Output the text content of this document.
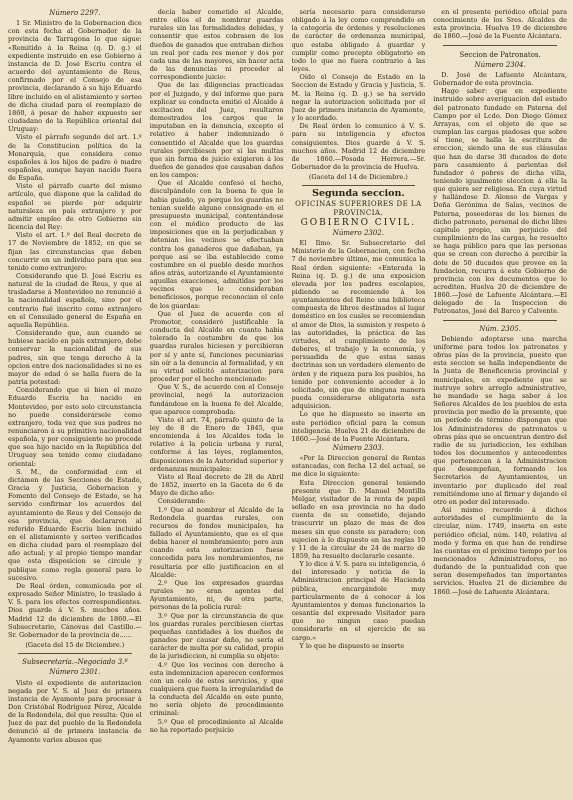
Número 2297.

1 Sr. Ministro de la Gobernacion dice con esta fecha al Gobernador de la provincia de Tarragona lo que sigue: «Remitido á la Reina (q. D. g.) el expediente instruido en ese Gobierno á instancia de D. José Escriu contra el acuerdo del ayuntamiento de Reus, confirmado por el Consejo de esa provincia, declarando á su hijo Eduardo libre incluido en el alistamiento y sorteo de dicha ciudad para el reemplazo de 1860, á pesar de haber expuesto ser ciudadano de la República oriental del Uruguay:

Visto el párrafo segundo del art. 1.º de la Constitucion política de la Monarquía, que considera como españoles á los hijos de padre ó madre españoles, aunque hayan nacido fuera de España.

Visto el párrafo cuarto del mismo artículo, que dispone que la calidad de español se pierde por adquirir naturaleza en país extranjero y por admitir empleo de otro Gobierno sin licencia del Rey:

Visto el art. 1.º del Real decreto de 17 de Noviembre de 1852, en que se fijan las circunstancias que deben concurrir en un individuo para que sea tenido como extranjero:

Considerando que D. José Escriu es natural de la ciudad de Reus, y que al trasladarse á Montevideo no renunció á la nacionalidad española, sino por el contrario fué inscrito como extranjero en el Consulado general de España en aquella República.

Considerando que, aun cuando se hubiese nacido en país extranjero, debe conservar la nacionalidad de sus padres, sin que tenga derecho á la opcion entre dos nacionalidades si no es mayor de edad ó se halla fuera de la patria potestad:

Considerando que si bien el mozo Eduardo Escriu ha nacido en Montevideo, por esto solo circunstancia no puede considerársele como extranjero, toda vez que sus padres no renunciaron á su primitiva nacionalidad española, y por consiguiente no procede que sea hijo nacido en la República del Uruguay sea tenido como ciudadano oriental:

S. M., de conformidad con el dictámen de las Secciones de Estado, Gracia y Justicia, Gobernacion y Fomento del Consejo de Estado, se ha servido confirmar los acuerdos del ayuntamiento de Reus y del Consejo de esa provincia, que declararon al referido Eduardo Escriu bien incluido en el alistamiento y sorteo verificados en dicha ciudad para el reemplazo del año actual; y al propio tiempo mandar que esta disposicion se circule y publique como regla general para lo sucesivo.

De Real órden, comunicada por el expresado Señor Ministro, lo traslado á V. S. para los efectos correspondientes. Dios guarde á V. S. muchos años. Madrid 12 de diciembre de 1860.—El Subsecretario, Cánovas del Castillo.—Sr. Gobernador de la provincia de......

(Gaceta del 15 de Diciembre.)
Subsecretaría.–Negociado 3.º
Número 2301.

Visto el expediente de autorizacion negada por V. S. al Juez de primera instancia de Ayamonte para procesar á Don Cristóbal Rodríguez Pérez, Alcalde de la Redondela, del que resulta: Que el Juez de paz del pueblo de la Redondela denunció al de primera instancia de Ayamonte varios abusos que

decia haber cometido el Alcalde, entre ellos el de nombrar guardas rurales sin las formalidades debidas, y consentir que estos cobrasen de los dueños de ganados que entraban dichos un real por cada res menor y dos por cada una de las mayores, sin hacer acta de las denuncias ni proceder al correspondiente juicio:

Que de las diligencias practicadas por el Juzgado, y del informe que para explicar su conducta emitió el Alcalde á excitacion del Juez, resultaron demostrados los cargos que le imputaban en la denuncia, excepto el relativo á haber indemnizado ó consentido el Alcalde que los guardas rurales percibiesen por sí las multas que sin forma de juicio exigieron á los dueños de ganados que causaban daños en los campos:

Que el Alcalde confesó el hecho, disculpándolo con la buena fe que le habia guiado, ya porque los guardas no tenian sueldo alguno consignado en el presupuesto municipal, contentándose con el módico producto de las imposiciones que en la perjudicaban y detenian los vecinos se efectuaban contra los ganaderos que dañaban, ya porque así se iba establecido como costumbre en el pueblo desde muchos años atrás, autorizando el Ayuntamiento aquellas exacciones, admitidas por los vecinos que lo consideraban beneficiosos, porque reconocian el celo de los guardas:

Que el Juez de acuerdo con el Promotor, consideró justificable la conducta del Alcalde en cuanto habia tolerado la costumbre de que los guardas rurales hiciesen y percibieran por sí y ante sí, funciones pecuniarias sin oír a la denuncia al formalidad, y en su virtud solicitó autorizacion para proceder por el hecho mencionado:

Que V. S., de acuerdo con el Consejo provincial, negó la autorizacion fundándose en la buena fe del Alcalde, que aparece comprobada:

Visto el art. 74, párrafo quinto de la ley de 8 de Enero de 1845, que encomienda á los Alcaldes toda lo relativo á la policía urbana y rural, conforme á las leyes, reglamentos, disposiciones de la Autoridad superior y ordenanzas municipales:

Visto el Real decreto de 28 de Abril de 1852, inserto en la Gaceta de 6 de Mayo de dicho año:

Considerando:

1.º Que al nombrar el Alcalde de la Redondela guardas rurales, con recursos de fondos municipales, ha fallado el Ayuntamiento, que es el que debia hacer el nombramiento; pero aun cuando esta autorizacion fuese concedida para los nombramientos, no resultaria por ello justificacion en el Alcalde:

2.º Que los expresados guardas rurales no eran agentes del Ayuntamiento, ni, de otra parte, personas de la policía rural:

3.º Que por la circunstancia de que los guardas rurales percibiesen ciertas pequeñas cantidades á los dueños de ganados por causar daño, no sería el carácter de multa por su calidad, propio de la jurisdiccion, ni cumplia su objeto:

4.º Que los vecinos con derecho á esta indemnizacion aparecen conformes con un celo de estos servicios, y que cualquiera que fuera la irregularidad de la conducta del Alcalde en este punto, no sería objeto de procedimiento criminal:

5.º Que el procedimiento al Alcalde no ha reportado perjuicio

sería necesario para considerarse obligado á la ley como comprendido en la categoría de órdenes y resoluciones de carácter de ordenanza municipal, que estaba obligado á guardar y cumplir como precepto obligatorio en todo lo que no fuera contrario á las leyes.

Oído el Consejo de Estado en la Seccion de Estado y Gracia y Justicia, S. M. la Reina (q. D. g.) se ha servido negar la autorizacion solicitada por el Juez de primera instancia de Ayamonte, y lo acordado.

De Real órden lo comunico á V. S. para su inteligencia y efectos consiguientes. Dios guarde á V. S. muchos años. Madrid 12 de diciembre de 1860.—Posada Herrera.—Sr. Gobernador de la provincia de Huelva.

(Gaceta del 14 de Diciembre.)
Segunda seccion.
OFICINAS SUPERIORES DE LA PROVINCIA.
GOBIERNO CIVIL.
Número 2302.

El Ilmo. Sr. Subsecretario del Ministerio de la Gobernacion, con fecha 7 de noviembre último, me comunica la Real órden siguiente: «Enterada la Reina (q. D. g.) de una exposicion elevada por los padres escolapios, pidiendo se recomiende á los ayuntamientos del Reino una biblioteca compuesta de libros destinados al lugar doméstico en los cuales se recomiendan el amor de Dios, la sumision y respeto á las autoridades, la práctica de las virtudes, el cumplimiento de los deberes, el trabajo y la economía, y persuadida de que estas sanas doctrinas son un verdadero elemento de órden y de riqueza para los pueblos, ha tenido por conveniente acceder á lo solicitado, sin que de ninguna manera pueda considerarse obligatoria esta adquisicion.

Lo que he dispuesto se inserte en este periódico oficial para la comun inteligencia. Huelva 21 de diciembre de 1860.—José de la Fuente Alcántara.

Número 2303.

«Por la Direccion general de Rentas estancadas, con fecha 12 del actual, se me dice lo siguiente:

Esta Direccion general teniendo presente que D. Manuel Montilla Melgar, visitador de la renta de papel sellado en esa provincia no ha dado cuenta de su cometido, dejando trascurrir un plazo de mas de dos meses sin que conste su paradero; con sujecion á lo dispuesto en las reglas 10 y 11 de la circular de 24 de marzo de 1859, ha resuelto declararle cesante.

Y lo dice á V. S. para su inteligencia, ó del interesado y noticia de la Administracion principal de Hacienda pública, encargándole muy particularmente de á conocer á los Ayuntamientos y demas funcionarios la cesantía del expresado Visitador para que no ningun caso puedan considerarle en el ejercicio de su cargo.»

Y lo que he dispuesto se inserte

en el presente periódico oficial para conocimiento de los Sres. Alcaldes de esta provincia. Huelva 19 de diciembre de 1860.—José de la Fuente Alcántara.

Seccion de Patronatos.
Número 2304.

D. José de Lafuente Alcántara, Gobernador de esta provincia.

Hago saber: que en expediente instruido sobre averiguacion del estado del patronato fundado en Paterna del Campo por el Lcdo. Don Diego Gómez Arrayas, con el objeto de que se cumplan las cargas piadosas que sobre sí tiene, se halla la escritura de ereccion, siendo una de sus cláusulas que han de darse 30 ducados de dote para casamiento á parientas del fundador ó pobres de dicha villa, teniendo igualmente eleccion á ella la que quiere ser religiosa. En cuya virtud y hallándose D. Alonso de Vargas y Doña Gerónima de Salas, vecinos de Paterna, poseedoras de los bienes de dicho patronato, personal de dicho libre capitulo propio, sin perjuicio del cumplimiento de las cargas, he resuelto se haga público para que las personas que se crean con derecho á percibir la dote de 50 ducados que provee en la fundacion, recurra á este Gobierno de provincia con los documentos que lo acrediten. Huelva 20 de diciembre de 1860.—José de Lafuente Alcántara.—El delegado de la Inspeccion de Patronatos, José del Barco y Calvente.

Núm. 2305.

Debiendo adoptarse una marcha uniforme para todos los patronatos y obras pías de la provincia, puesto que esta seccion se halla independiente de la Junta de Beneficencia provincial y municipales, en expediente que se instruye sobre arreglo administrativo, he mandado se haga saber á los Señores Alcaldes de los pueblos de esta provincia por medio de la presente, que un período de término dispongan que los Administradores de patronatos u obras pías que se encuentran dentro del radio de su jurisdiccion, les exhiban todos los documentos y antecedentes que pertenezcan á la Administracion que desempeñan, formando los Secretarios de Ayuntamientos, un inventario por duplicado del real remitiéndome uno al firmar y dejando el otro en poder del interesado.

Así mismo recuerdo á dichos autoridades el cumplimiento de la circular, núm. 1749, inserta en este periódico oficial, núm. 140, relativa al modo y forma en que han de rendirse las cuentas en el próximo tiempo por los mencionados Administradores, no dudando de la puntualidad con que seran desempeñados tan importantes servicios. Huelva 21 de diciembre de 1860.—José de Lafuente Alcántara.
